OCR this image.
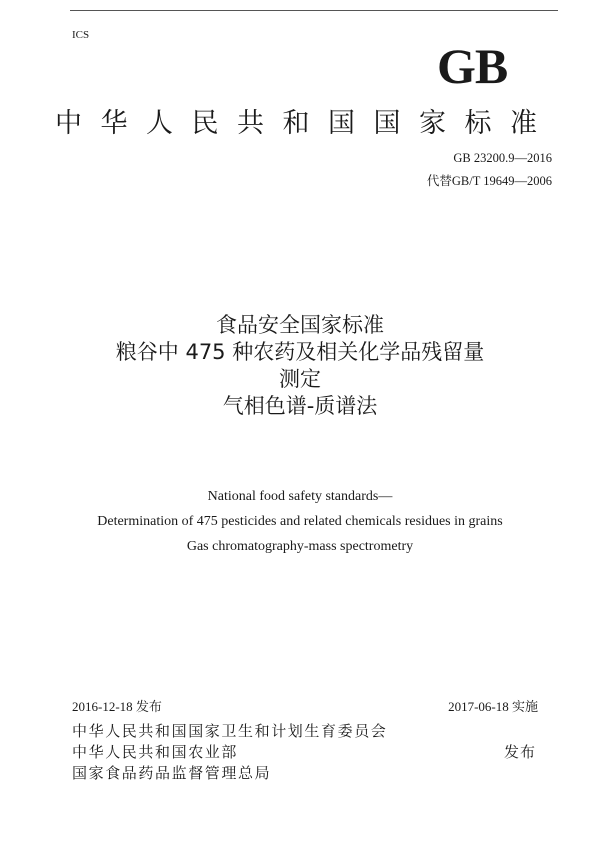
ICS
GB
中华人民共和国国家标准
GB 23200.9—2016
代替GB/T 19649—2006
食品安全国家标准
粮谷中 475 种农药及相关化学品残留量
测定
气相色谱-质谱法
National food safety standards—
Determination of 475 pesticides and related chemicals residues in grains
Gas chromatography-mass spectrometry
2016-12-18 发布	2017-06-18 实施
中华人民共和国国家卫生和计划生育委员会
中华人民共和国农业部
国家食品药品监督管理总局
发布
